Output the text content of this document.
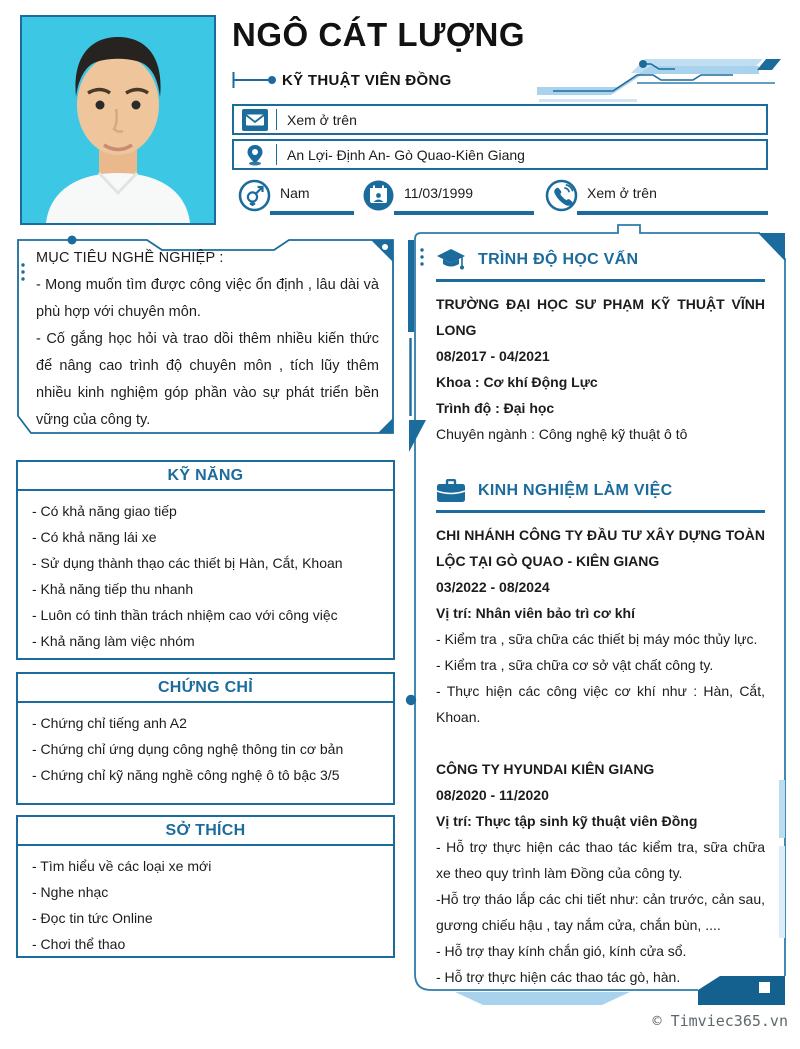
NGÔ CÁT LƯỢNG
KỸ THUẬT VIÊN ĐỒNG
Xem ở trên
An Lợi- Định An- Gò Quao-Kiên Giang
Nam	11/03/1999	Xem ở trên

MỤC TIÊU NGHỀ NGHIỆP :

- Mong muốn tìm được công việc ổn định , lâu dài và phù hợp với chuyên môn.

- Cố gắng học hỏi và trao dồi thêm nhiều kiến thức để nâng cao trình độ chuyên môn , tích lũy thêm nhiều kinh nghiệm góp phần vào sự phát triển bền vững của công ty.

KỸ NĂNG

- Có khả năng giao tiếp

- Có khả năng lái xe

- Sử dụng thành thạo các thiết bị Hàn, Cắt, Khoan

- Khả năng tiếp thu nhanh

- Luôn có tinh thần trách nhiệm cao với công việc

- Khả năng làm việc nhóm

CHỨNG CHỈ

- Chứng chỉ tiếng anh A2

- Chứng chỉ ứng dụng công nghệ thông tin cơ bản

- Chứng chỉ kỹ năng nghề công nghệ ô tô bậc 3/5

SỞ THÍCH

- Tìm hiểu về các loại xe mới

- Nghe nhạc

- Đọc tin tức Online

- Chơi thể thao

TRÌNH ĐỘ HỌC VẤN

TRƯỜNG ĐẠI HỌC SƯ PHẠM KỸ THUẬT VĨNH LONG

08/2017 - 04/2021

Khoa : Cơ khí Động Lực

Trình độ : Đại học

Chuyên ngành : Công nghệ kỹ thuật ô tô

KINH NGHIỆM LÀM VIỆC

CHI NHÁNH CÔNG TY ĐẦU TƯ XÂY DỰNG TOÀN LỘC TẠI GÒ QUAO - KIÊN GIANG

03/2022 - 08/2024

Vị trí: Nhân viên bảo trì cơ khí

- Kiểm tra , sữa chữa các thiết bị máy móc thủy lực.

- Kiểm tra , sữa chữa cơ sở vật chất công ty.

- Thực hiện các công việc cơ khí như : Hàn, Cắt, Khoan.

CÔNG TY HYUNDAI KIÊN GIANG

08/2020 - 11/2020

Vị trí: Thực tập sinh kỹ thuật viên Đồng

- Hỗ trợ thực hiện các thao tác kiểm tra, sữa chữa xe theo quy trình làm Đồng của công ty.

-Hỗ trợ tháo lắp các chi tiết như: cản trước, cản sau, gương chiếu hậu , tay nắm cửa, chắn bùn, ....

- Hỗ trợ thay kính chắn gió, kính cửa sổ.

- Hỗ trợ thực hiện các thao tác gò, hàn.

© Timviec365.vn
